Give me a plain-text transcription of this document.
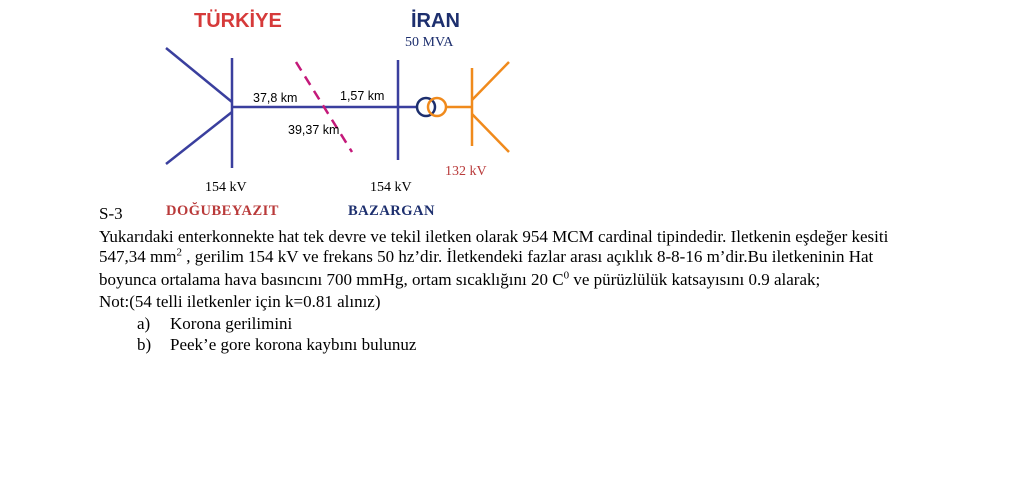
TÜRKİYE	İRAN
50 MVA
37,8 km	1,57 km
39,37 km
154 kV	154 kV
132 kV
DOĞUBEYAZIT	BAZARGAN
S-3
Yukarıdaki enterkonnekte hat tek devre ve tekil iletken olarak 954 MCM cardinal tipindedir. Iletkenin eşdeğer kesiti
547,34 $mm^2$ , gerilim 154 kV ve frekans 50 hz’dir. İletkendeki fazlar arası açıklık 8-8-16 m’dir.Bu iletkeninin Hat
boyunca ortalama hava basıncını 700 mmHg, ortam sıcaklığını 20 $C^0$ ve pürüzlülük katsayısını 0.9 alarak;
Not:(54 telli iletkenler için k=0.81 alınız)
a) Korona gerilimini
b) Peek’e gore korona kaybını bulunuz
